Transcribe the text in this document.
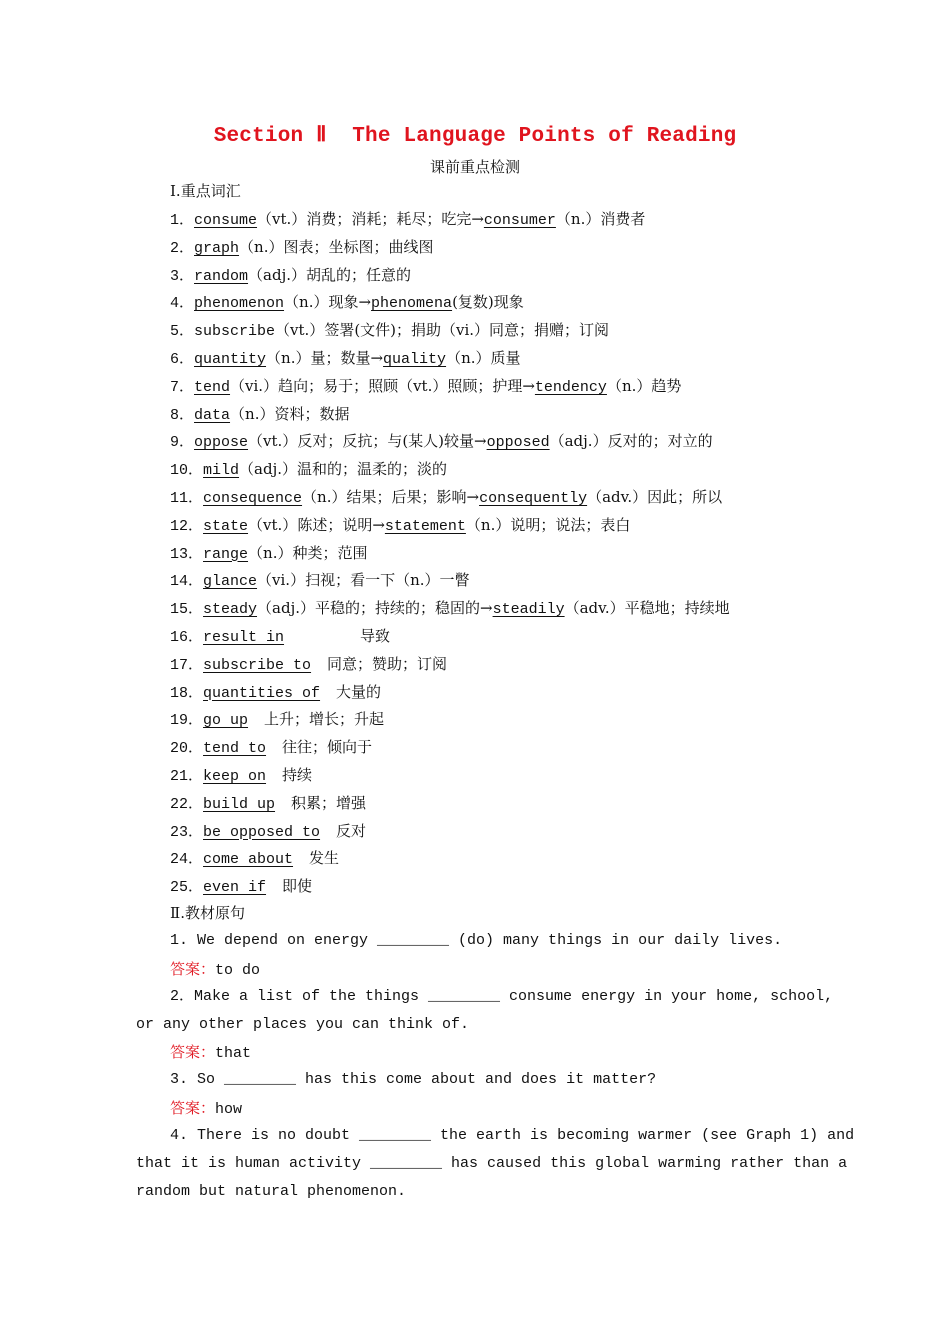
Section Ⅱ  The Language Points of Reading
课前重点检测
Ⅰ.重点词汇
1．consume（vt.）消费；消耗；耗尽；吃完→consumer（n.）消费者
2．graph（n.）图表；坐标图；曲线图
3．random（adj.）胡乱的；任意的
4．phenomenon（n.）现象→phenomena(复数)现象
5．subscribe（vt.）签署(文件)；捐助（vi.）同意；捐赠；订阅
6．quantity（n.）量；数量→quality（n.）质量
7．tend（vi.）趋向；易于；照顾（vt.）照顾；护理→tendency（n.）趋势
8．data（n.）资料；数据
9．oppose（vt.）反对；反抗；与(某人)较量→opposed（adj.）反对的；对立的
10．mild（adj.）温和的；温柔的；淡的
11．consequence（n.）结果；后果；影响→consequently（adv.）因此；所以
12．state（vt.）陈述；说明→statement（n.）说明；说法；表白
13．range（n.）种类；范围
14．glance（vi.）扫视；看一下（n.）一瞥
15．steady（adj.）平稳的；持续的；稳固的→steadily（adv.）平稳地；持续地
16．result in	导致
17．subscribe to 同意；赞助；订阅
18．quantities of 大量的
19．go up 上升；增长；升起
20．tend to 往往；倾向于
21．keep on 持续
22．build up 积累；增强
23．be opposed to 反对
24．come about 发生
25．even if 即使
Ⅱ.教材原句
1. We depend on energy ________ (do) many things in our daily lives.
答案：to do
2．Make a list of the things ________ consume energy in your home, school,
or any other places you can think of.
答案：that
3. So ________ has this come about and does it matter?
答案：how
4. There is no doubt ________ the earth is becoming warmer (see Graph 1) and
that it is human activity ________ has caused this global warming rather than a
random but natural phenomenon.
